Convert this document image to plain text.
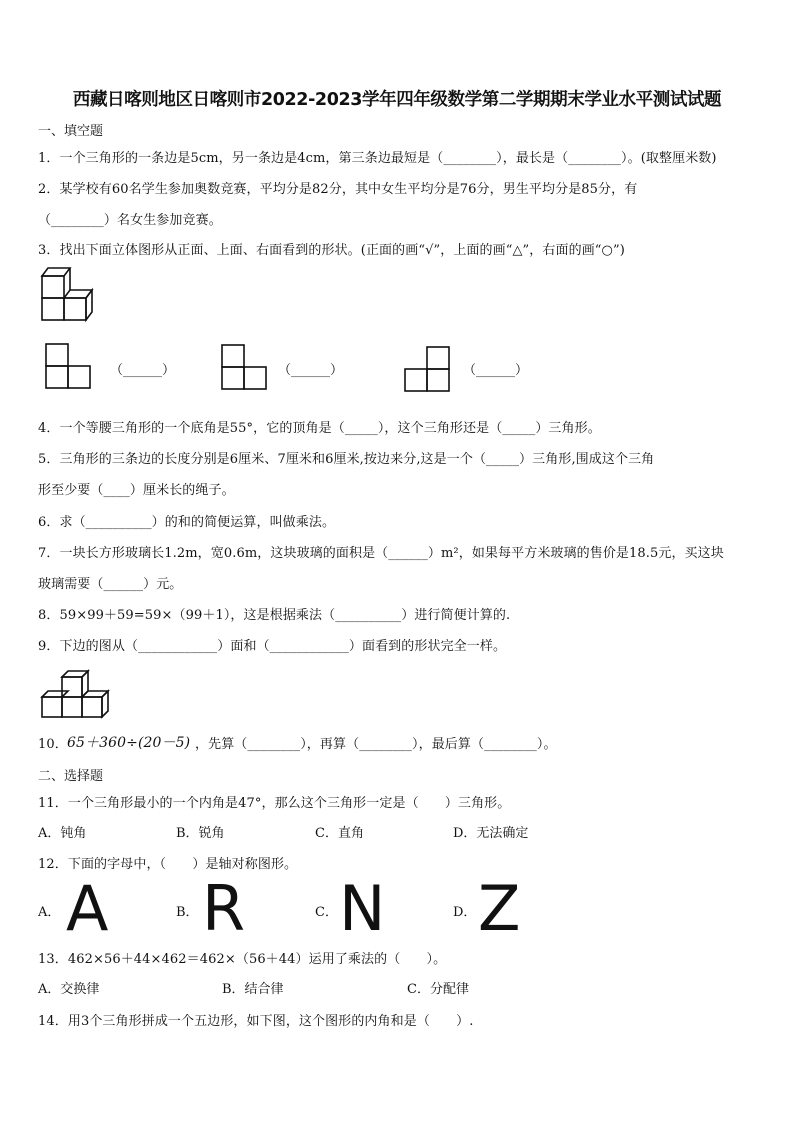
西藏日喀则地区日喀则市2022-2023学年四年级数学第二学期期末学业水平测试试题
一、填空题
1．一个三角形的一条边是5cm，另一条边是4cm，第三条边最短是（________），最长是（________）。(取整厘米数)
2．某学校有60名学生参加奥数竞赛，平均分是82分，其中女生平均分是76分，男生平均分是85分，有
（________）名女生参加竞赛。
3．找出下面立体图形从正面、上面、右面看到的形状。(正面的画“√”，上面的画“△”，右面的画“○”)
（______）	（______）	（______）
4．一个等腰三角形的一个底角是55°，它的顶角是（_____），这个三角形还是（_____）三角形。
5．三角形的三条边的长度分别是6厘米、7厘米和6厘米,按边来分,这是一个（_____）三角形,围成这个三角
形至少要（____）厘米长的绳子。
6．求（__________）的和的简便运算，叫做乘法。
7．一块长方形玻璃长1.2m，宽0.6m，这块玻璃的面积是（______）m²，如果每平方米玻璃的售价是18.5元，买这块
玻璃需要（______）元。
8．59×99＋59=59×（99＋1），这是根据乘法（__________）进行简便计算的.
9．下边的图从（____________）面和（____________）面看到的形状完全一样。
10． 65＋360÷(20－5) ，先算（________），再算（________），最后算（________）。
二、选择题
11．一个三角形最小的一个内角是47°，那么这个三角形一定是（　　）三角形。
A．钝角	B．锐角	C．直角	D．无法确定
12．下面的字母中，（　　）是轴对称图形。
A． A	B． R	C． N	D． Z
13．462×56＋44×462＝462×（56＋44）运用了乘法的（　　）。
A．交换律	B．结合律	C．分配律
14．用3个三角形拼成一个五边形，如下图，这个图形的内角和是（　　）.
